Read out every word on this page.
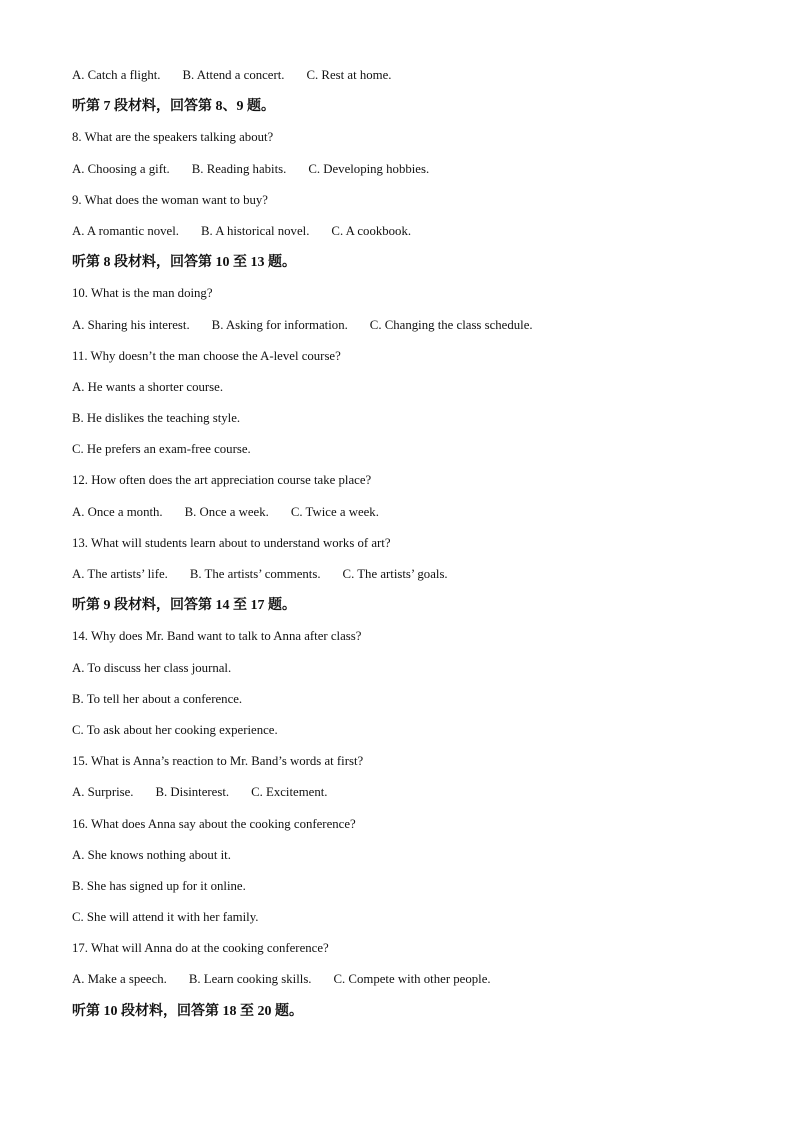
A. Catch a flight. B. Attend a concert. C. Rest at home.
听第 7 段材料，回答第 8、9 题。
8. What are the speakers talking about?
A. Choosing a gift. B. Reading habits. C. Developing hobbies.
9. What does the woman want to buy?
A. A romantic novel. B. A historical novel. C. A cookbook.
听第 8 段材料，回答第 10 至 13 题。
10. What is the man doing?
A. Sharing his interest. B. Asking for information. C. Changing the class schedule.
11. Why doesn’t the man choose the A-level course?
A. He wants a shorter course.
B. He dislikes the teaching style.
C. He prefers an exam-free course.
12. How often does the art appreciation course take place?
A. Once a month. B. Once a week. C. Twice a week.
13. What will students learn about to understand works of art?
A. The artists’ life. B. The artists’ comments. C. The artists’ goals.
听第 9 段材料，回答第 14 至 17 题。
14. Why does Mr. Band want to talk to Anna after class?
A. To discuss her class journal.
B. To tell her about a conference.
C. To ask about her cooking experience.
15. What is Anna’s reaction to Mr. Band’s words at first?
A. Surprise. B. Disinterest. C. Excitement.
16. What does Anna say about the cooking conference?
A. She knows nothing about it.
B. She has signed up for it online.
C. She will attend it with her family.
17. What will Anna do at the cooking conference?
A. Make a speech. B. Learn cooking skills. C. Compete with other people.
听第 10 段材料，回答第 18 至 20 题。
